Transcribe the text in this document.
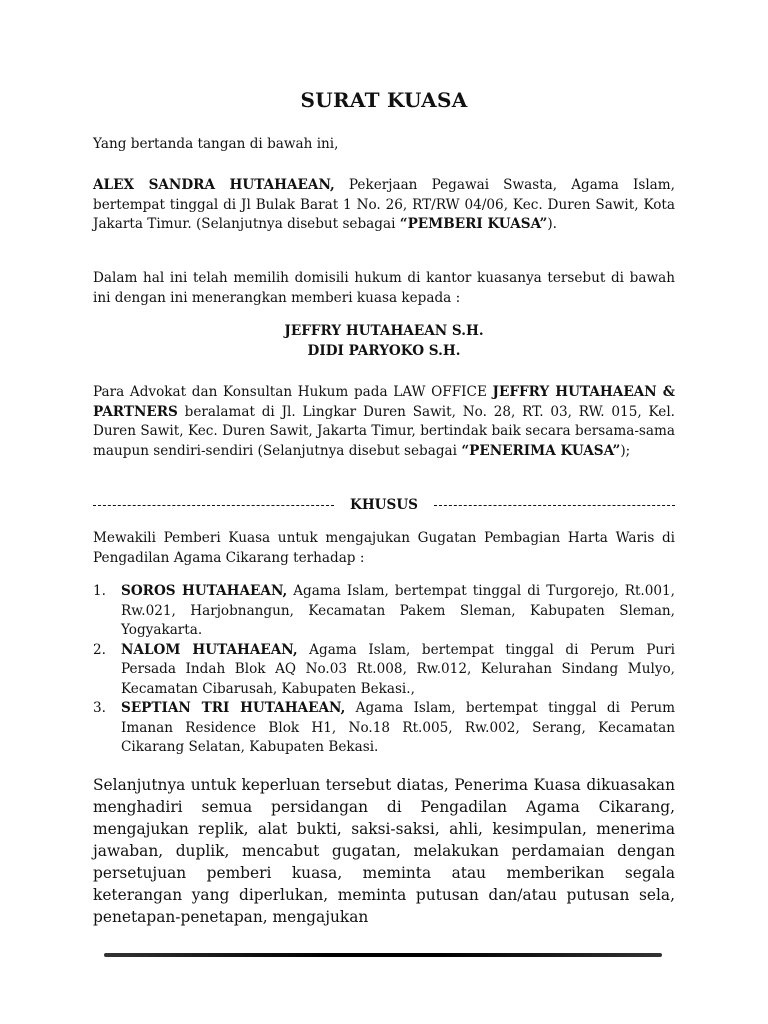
SURAT KUASA

Yang bertanda tangan di bawah ini,

ALEX SANDRA HUTAHAEAN, Pekerjaan Pegawai Swasta, Agama Islam, bertempat tinggal di Jl Bulak Barat 1 No. 26, RT/RW 04/06, Kec. Duren Sawit, Kota Jakarta Timur. (Selanjutnya disebut sebagai “PEMBERI KUASA”).

Dalam hal ini telah memilih domisili hukum di kantor kuasanya tersebut di bawah ini dengan ini menerangkan memberi kuasa kepada :

JEFFRY HUTAHAEAN S.H.
DIDI PARYOKO S.H.

Para Advokat dan Konsultan Hukum pada LAW OFFICE JEFFRY HUTAHAEAN & PARTNERS beralamat di Jl. Lingkar Duren Sawit, No. 28, RT. 03, RW. 015, Kel. Duren Sawit, Kec. Duren Sawit, Jakarta Timur, bertindak baik secara bersama-sama maupun sendiri-sendiri (Selanjutnya disebut sebagai “PENERIMA KUASA”);

KHUSUS

Mewakili Pemberi Kuasa untuk mengajukan Gugatan Pembagian Harta Waris di Pengadilan Agama Cikarang terhadap :

1. SOROS HUTAHAEAN, Agama Islam, bertempat tinggal di Turgorejo, Rt.001, Rw.021, Harjobnangun, Kecamatan Pakem Sleman, Kabupaten Sleman, Yogyakarta.
2. NALOM HUTAHAEAN, Agama Islam, bertempat tinggal di Perum Puri Persada Indah Blok AQ No.03 Rt.008, Rw.012, Kelurahan Sindang Mulyo, Kecamatan Cibarusah, Kabupaten Bekasi.,
3. SEPTIAN TRI HUTAHAEAN, Agama Islam, bertempat tinggal di Perum Imanan Residence Blok H1, No.18 Rt.005, Rw.002, Serang, Kecamatan Cikarang Selatan, Kabupaten Bekasi.

Selanjutnya untuk keperluan tersebut diatas, Penerima Kuasa dikuasakan menghadiri semua persidangan di Pengadilan Agama Cikarang, mengajukan replik, alat bukti, saksi-saksi, ahli, kesimpulan, menerima jawaban, duplik, mencabut gugatan, melakukan perdamaian dengan persetujuan pemberi kuasa, meminta atau memberikan segala keterangan yang diperlukan, meminta putusan dan/atau putusan sela, penetapan-penetapan, mengajukan
